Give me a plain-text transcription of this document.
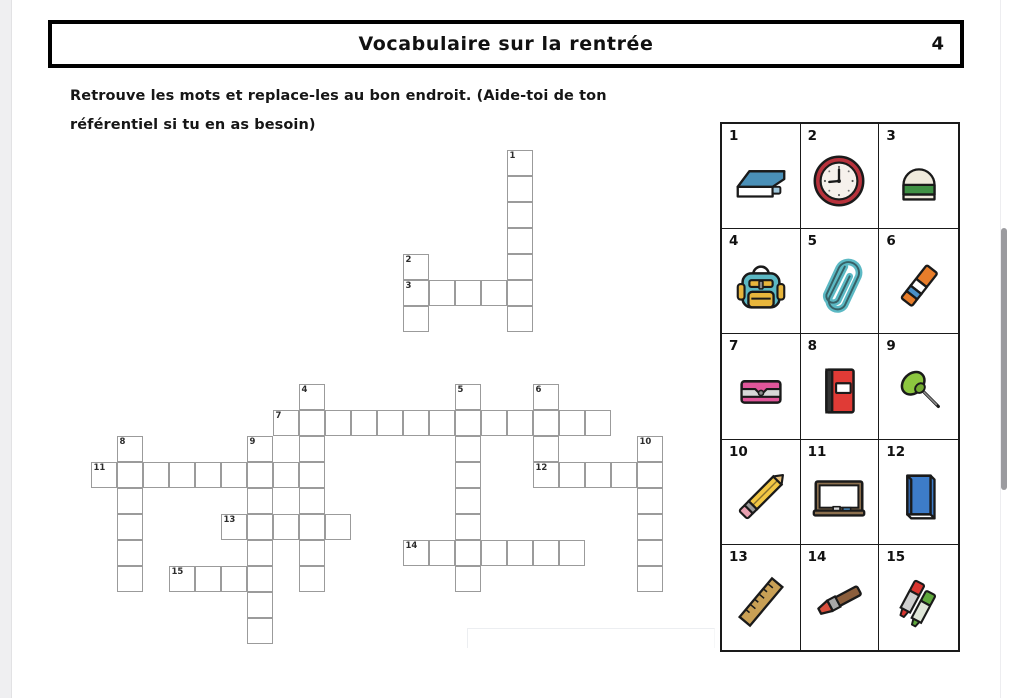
Vocabulaire sur la rentrée	4
Retrouve les mots et replace-les au bon endroit. (Aide-toi de ton
référentiel si tu en as besoin)
1
2
3
4	5	6
12
7
8	9	10
11
13
14
15
1	2	3
4	5	6
7	8	9
10	11	12
13	14	15
